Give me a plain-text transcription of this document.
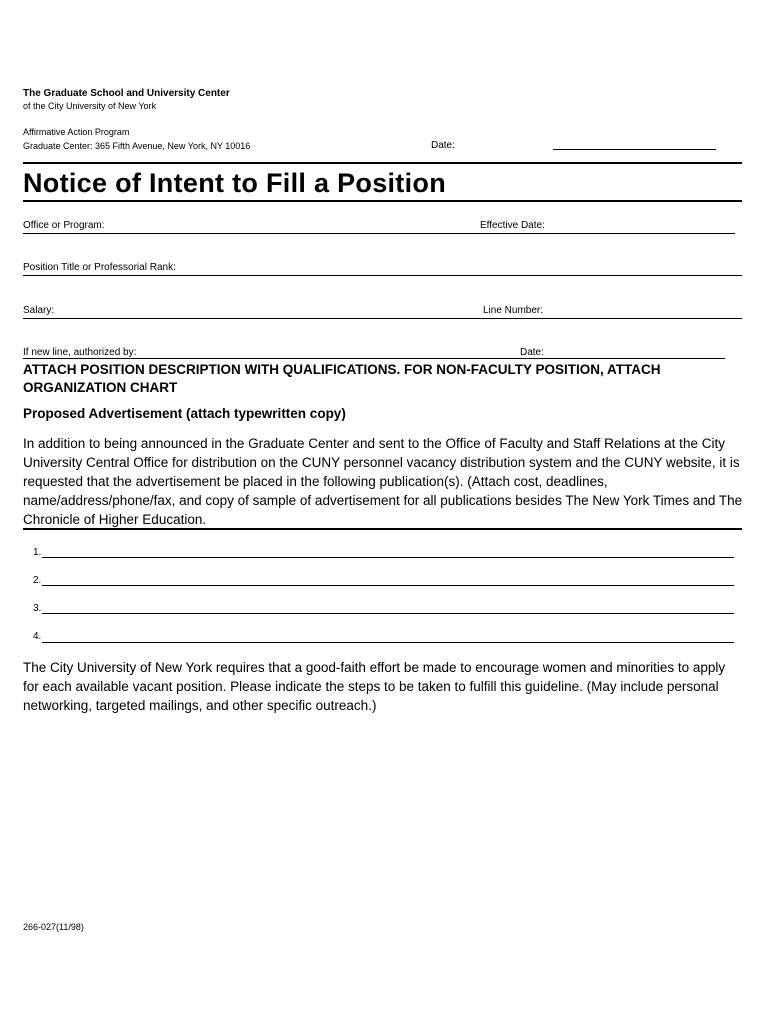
The Graduate School and University Center
of the City University of New York
Affirmative Action Program
Graduate Center: 365 Fifth Avenue, New York, NY 10016	Date:
Notice of Intent to Fill a Position
Office or Program:	Effective Date:
Position Title or Professorial Rank:
Salary:	Line Number:
If new line, authorized by:	Date:
ATTACH POSITION DESCRIPTION WITH QUALIFICATIONS. FOR NON-FACULTY POSITION, ATTACH ORGANIZATION CHART
Proposed Advertisement (attach typewritten copy)
In addition to being announced in the Graduate Center and sent to the Office of Faculty and Staff Relations at the City University Central Office for distribution on the CUNY personnel vacancy distribution system and the CUNY website, it is requested that the advertisement be placed in the following publication(s). (Attach cost, deadlines, name/address/phone/fax, and copy of sample of advertisement for all publications besides The New York Times and The Chronicle of Higher Education.
1.
2.
3.
4.
The City University of New York requires that a good-faith effort be made to encourage women and minorities to apply for each available vacant position. Please indicate the steps to be taken to fulfill this guideline. (May include personal networking, targeted mailings, and other specific outreach.)
266-027(11/98)
